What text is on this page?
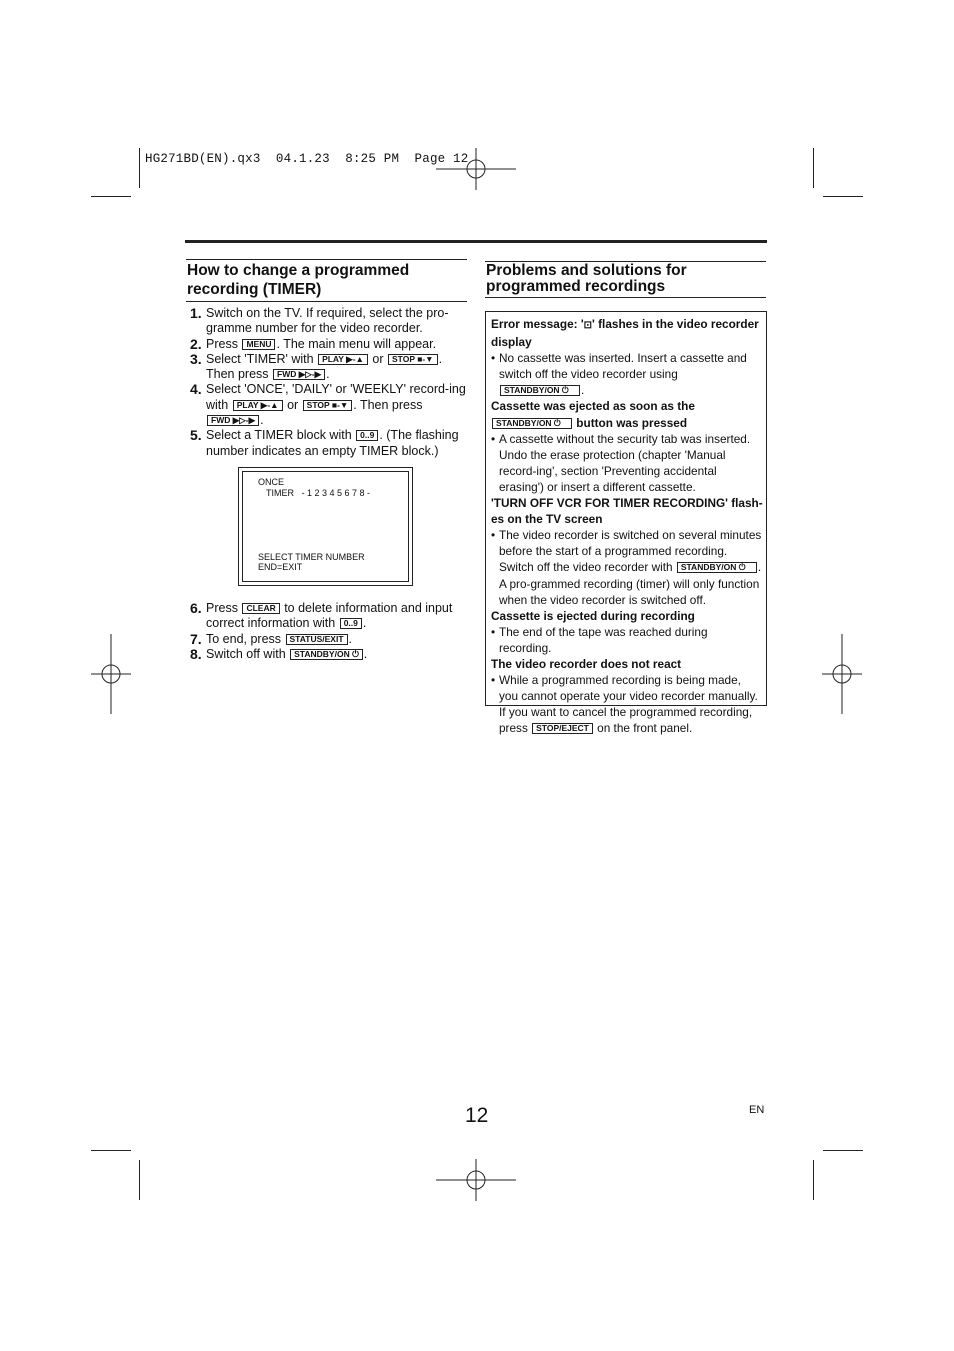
HG271BD(EN).qx3  04.1.23  8:25 PM  Page 12
How to change a programmed
recording (TIMER)
1. Switch on the TV. If required, select the pro-gramme number for the video recorder.
2. Press MENU . The main menu will appear.
3. Select 'TIMER' with PLAY ▶-▲ or STOP ■-▼ . Then press FWD ▶▷-▶ .
4. Select 'ONCE', 'DAILY' or 'WEEKLY' record-ing with PLAY ▶-▲ or STOP ■-▼ . Then press FWD ▶▷-▶ .
5. Select a TIMER block with 0..9 . (The flashing number indicates an empty TIMER block.)
6. Press CLEAR to delete information and input correct information with 0..9 .
7. To end, press STATUS/EXIT .
8. Switch off with STANDBY/ON ⏻ .
ONCE
TIMER   - 1 2 3 4 5 6 7 8 -
SELECT TIMER NUMBER
END=EXIT
Problems and solutions for
programmed recordings
Error message: '⊡' flashes in the video recorder display
• No cassette was inserted. Insert a cassette and switch off the video recorder using STANDBY/ON ⏻ .
Cassette was ejected as soon as the
STANDBY/ON ⏻ button was pressed
• A cassette without the security tab was inserted. Undo the erase protection (chapter 'Manual record-ing', section 'Preventing accidental erasing') or insert a different cassette.
'TURN OFF VCR FOR TIMER RECORDING' flash-es on the TV screen
• The video recorder is switched on several minutes before the start of a programmed recording. Switch off the video recorder with STANDBY/ON ⏻ . A pro-grammed recording (timer) will only function when the video recorder is switched off.
Cassette is ejected during recording
• The end of the tape was reached during recording.
The video recorder does not react
• While a programmed recording is being made, you cannot operate your video recorder manually. If you want to cancel the programmed recording, press STOP/EJECT on the front panel.
12	EN
